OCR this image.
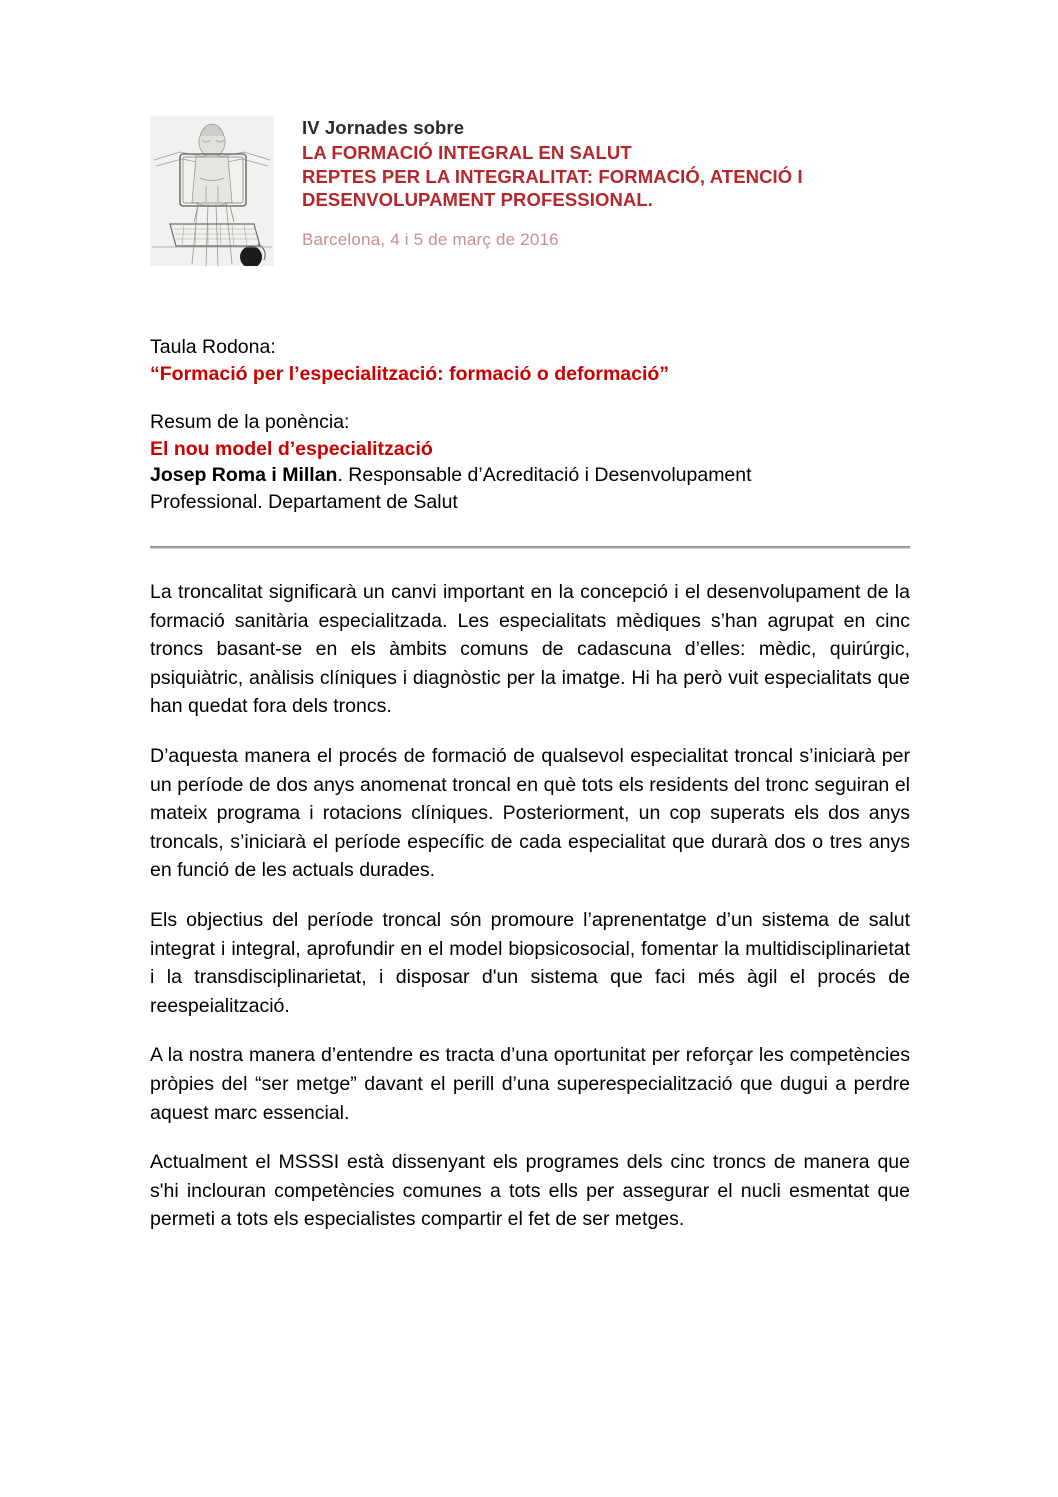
IV Jornades sobre
LA FORMACIÓ INTEGRAL EN SALUT
REPTES PER LA INTEGRALITAT: FORMACIÓ, ATENCIÓ I
DESENVOLUPAMENT PROFESSIONAL.
Barcelona, 4 i 5 de març de 2016
Taula Rodona:
“Formació per l’especialització: formació o deformació”
Resum de la ponència:
El nou model d’especialització
Josep Roma i Millan. Responsable d’Acreditació i Desenvolupament
Professional. Departament de Salut

La troncalitat significarà un canvi important en la concepció i el desenvolupament de la formació sanitària especialitzada. Les especialitats mèdiques s’han agrupat en cinc troncs basant-se en els àmbits comuns de cadascuna d’elles: mèdic, quirúrgic, psiquiàtric, anàlisis clíniques i diagnòstic per la imatge. Hi ha però vuit especialitats que han quedat fora dels troncs.

D’aquesta manera el procés de formació de qualsevol especialitat troncal s’iniciarà per un període de dos anys anomenat troncal en què tots els residents del tronc seguiran el mateix programa i rotacions clíniques. Posteriorment, un cop superats els dos anys troncals, s’iniciarà el període específic de cada especialitat que durarà dos o tres anys en funció de les actuals durades.

Els objectius del període troncal són promoure l’aprenentatge d’un sistema de salut integrat i integral, aprofundir en el model biopsicosocial, fomentar la multidisciplinarietat i la transdisciplinarietat, i disposar d'un sistema que faci més àgil el procés de reespeialització.

A la nostra manera d’entendre es tracta d’una oportunitat per reforçar les competències pròpies del “ser metge” davant el perill d’una superespecialització que dugui a perdre aquest marc essencial.

Actualment el MSSSI està dissenyant els programes dels cinc troncs de manera que s'hi inclouran competències comunes a tots ells per assegurar el nucli esmentat que permeti a tots els especialistes compartir el fet de ser metges.
